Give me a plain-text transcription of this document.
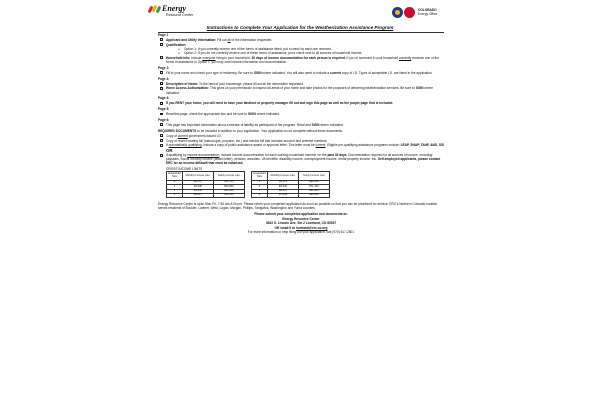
Energy
Resource Center
COLORADO
Energy Office
Instructions to Complete Your Application for the Weatherization Assistance Program
Page 1
Applicant and Utility Information: Fill out all of the information requested.
Qualification:
o Option 1: If you currently receive one of the forms of assistance listed, put a check by each one received.
o Option 2: If you do not currently receive one of these forms of assistance, put a check next to all sources of household income.
Household Info: Include everyone living in your household. 30 days of income documentation for each person is required. If you or someone in your household currently receives one of the forms of assistance in Option 1, you may omit income information and documentation.
Page 2:
Fill in your name and check your type of residency. Be sure to SIGN where indicated. You will also need to include a current copy of I.D. Types of acceptable I.D. are listed in the application.
Page 3:
Description of Home: To the best of your knowledge, please fill out all the information requested.
Home Access Authorization: This gives us your permission to inspect all areas of your home and take photos for the purposes of delivering weatherization services. Be sure to SIGN where indicated.
Page 4:
If you RENT your home, you will need to have your landlord or property manager fill out and sign this page as well as the purple page that is included.
Page 5:
Read this page, check the appropriate box and be sure to SIGN where indicated.
Page 6:
This page has important information about a release of liability as participant of the program. Read and SIGN where indicated.
REQUIRED DOCUMENTS to be included in addition to your application. Your application is not complete without these documents.
Copy of current government-issued I.D.
Copy of recent heating bill (natural gas, propane, etc.) and electric bill that includes account and premise numbers.
If automatically qualifying, include a copy of public assistance award or approval letter. This letter must be current. Eligible pre-qualifying assistance programs include: LEAP, SNAP, TANF, AND, SSI
OR
If qualifying by income documentation, include income documentation for each working household member for the past 30 days. Documentation required for all sources of income, including: paystubs, Social Security income (award letter), pension, annuities, VA benefits, disability income, unemployment income, rental property income, etc. Self-employed applicants, please contact ERC for an income affidavit that must be notarized.
GROSS INCOME LIMITS
Household Size	Monthly Income max.	Yearly Income max.		Household Size	Monthly Income max.	Yearly Income max.
1	$2,147	$25,760		5	$5,174	$62,080
2	$2,930	$34,840		6	$5,930	$71,160
3	$3,600	$43,200		7	$6,687	$80,240
4	$4,417	$53,000		8	$7,443	$89,320
Energy Resource Center is open Mon-Fri, 7:30 am-4:00 pm. Please return your completed application as soon as possible so that you can be prioritized for service. ERC's Northern Colorado location serves residents of Boulder, Larimer, Weld, Logan, Morgan, Phillips, Sedgwick, Washington and Yuma counties.
Please submit your completed application and documents to:
Energy Resource Center
3543 S. Lincoln Ave, Ste 2 Loveland, CO 80537
OR email it to loveland@erc.co.org
For more information or help filling out your application, call (970) 617-2801
